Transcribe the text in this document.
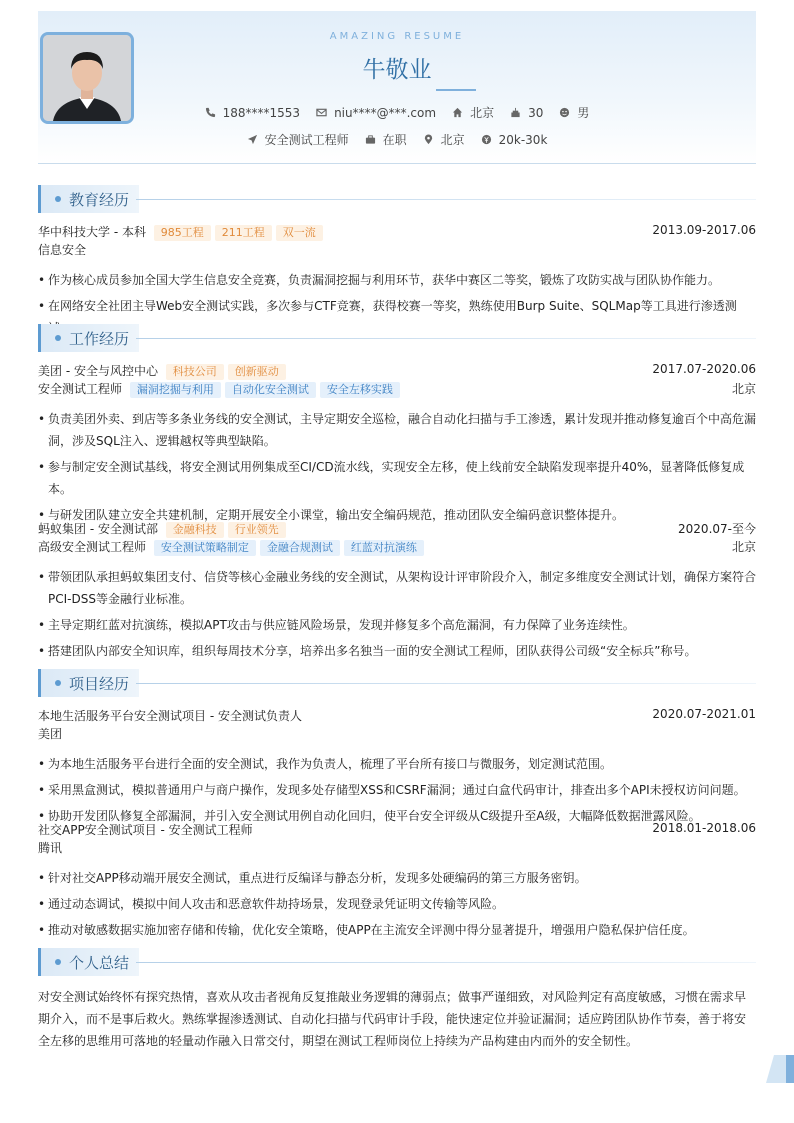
AMAZING RESUME
牛敬业
188****1553	niu****@***.com	北京	30	男
安全测试工程师	在职	北京	20k-30k
教育经历
华中科技大学 - 本科 985工程 211工程 双一流	2013.09-2017.06
信息安全
• 作为核心成员参加全国大学生信息安全竞赛，负责漏洞挖掘与利用环节，获华中赛区二等奖，锻炼了攻防实战与团队协作能力。
• 在网络安全社团主导Web安全测试实践，多次参与CTF竞赛，获得校赛一等奖，熟练使用Burp Suite、SQLMap等工具进行渗透测
工作经历
美团 - 安全与风控中心 科技公司 创新驱动	2017.07-2020.06
安全测试工程师 漏洞挖掘与利用 自动化安全测试 安全左移实践	北京
• 负责美团外卖、到店等多条业务线的安全测试，主导定期安全巡检，融合自动化扫描与手工渗透，累计发现并推动修复逾百个中高危漏洞，涉及SQL注入、逻辑越权等典型缺陷。
• 参与制定安全测试基线，将安全测试用例集成至CI/CD流水线，实现安全左移，使上线前安全缺陷发现率提升40%，显著降低修复成本。
• 与研发团队建立安全共建机制，定期开展安全小课堂，输出安全编码规范，推动团队安全编码意识整体提升。
蚂蚁集团 - 安全测试部 金融科技 行业领先	2020.07-至今
高级安全测试工程师 安全测试策略制定 金融合规测试 红蓝对抗演练	北京
• 带领团队承担蚂蚁集团支付、信贷等核心金融业务线的安全测试，从架构设计评审阶段介入，制定多维度安全测试计划，确保方案符合PCI-DSS等金融行业标准。
• 主导定期红蓝对抗演练，模拟APT攻击与供应链风险场景，发现并修复多个高危漏洞，有力保障了业务连续性。
• 搭建团队内部安全知识库，组织每周技术分享，培养出多名独当一面的安全测试工程师，团队获得公司级“安全标兵”称号。
项目经历
本地生活服务平台安全测试项目 - 安全测试负责人	2020.07-2021.01
美团
• 为本地生活服务平台进行全面的安全测试，我作为负责人，梳理了平台所有接口与微服务，划定测试范围。
• 采用黑盒测试，模拟普通用户与商户操作，发现多处存储型XSS和CSRF漏洞；通过白盒代码审计，排查出多个API未授权访问问题。
• 协助开发团队修复全部漏洞，并引入安全测试用例自动化回归，使平台安全评级从C级提升至A级，大幅降低数据泄露风险。
社交APP安全测试项目 - 安全测试工程师	2018.01-2018.06
腾讯
• 针对社交APP移动端开展安全测试，重点进行反编译与静态分析，发现多处硬编码的第三方服务密钥。
• 通过动态调试，模拟中间人攻击和恶意软件劫持场景，发现登录凭证明文传输等风险。
• 推动对敏感数据实施加密存储和传输，优化安全策略，使APP在主流安全评测中得分显著提升，增强用户隐私保护信任度。
个人总结
对安全测试始终怀有探究热情，喜欢从攻击者视角反复推敲业务逻辑的薄弱点；做事严谨细致，对风险判定有高度敏感，习惯在需求早
期介入，而不是事后救火。熟练掌握渗透测试、自动化扫描与代码审计手段，能快速定位并验证漏洞；适应跨团队协作节奏，善于将安
全左移的思维用可落地的轻量动作融入日常交付，期望在测试工程师岗位上持续为产品构建由内而外的安全韧性。
